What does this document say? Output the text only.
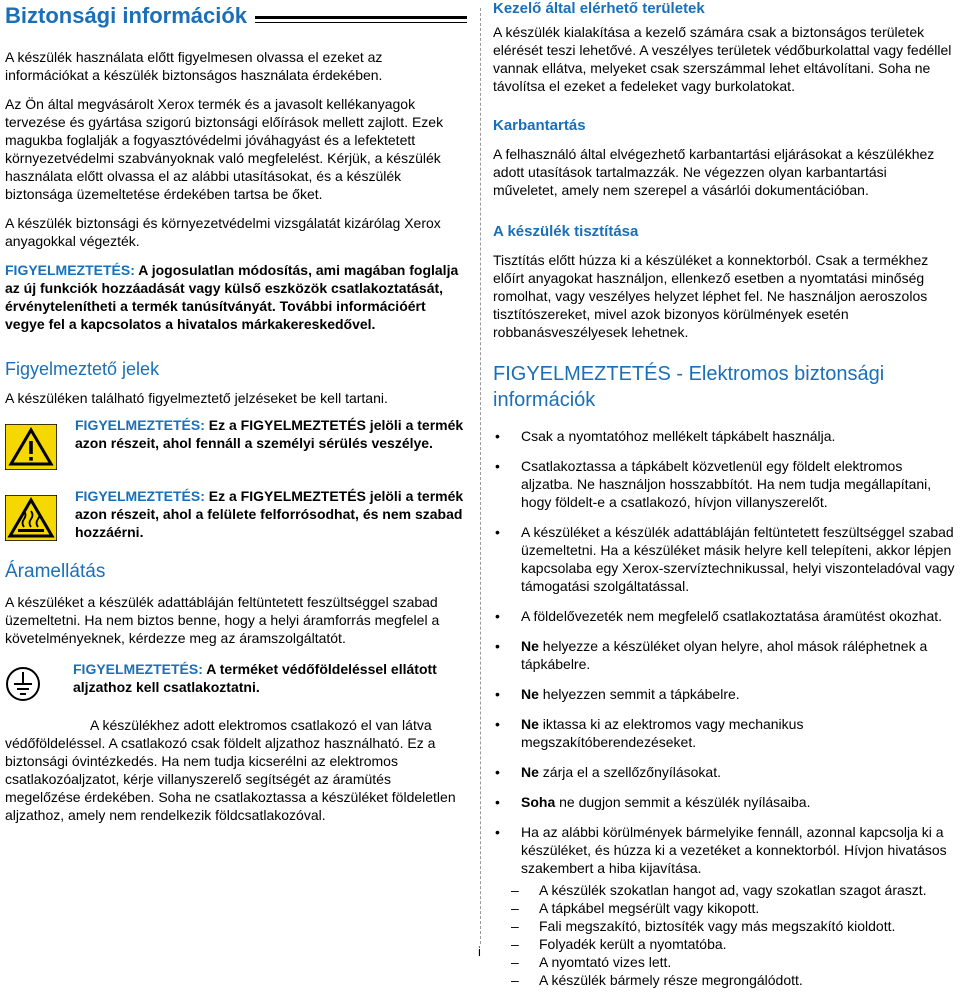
Biztonsági információk

A készülék használata előtt figyelmesen olvassa el ezeket az információkat a készülék biztonságos használata érdekében.

Az Ön által megvásárolt Xerox termék és a javasolt kellékanyagok tervezése és gyártása szigorú biztonsági előírások mellett zajlott. Ezek magukba foglalják a fogyasztóvédelmi jóváhagyást és a lefektetett környezetvédelmi szabványoknak való megfelelést. Kérjük, a készülék használata előtt olvassa el az alábbi utasításokat, és a készülék biztonsága üzemeltetése érdekében tartsa be őket.

A készülék biztonsági és környezetvédelmi vizsgálatát kizárólag Xerox anyagokkal végezték.

FIGYELMEZTETÉS: A jogosulatlan módosítás, ami magában foglalja az új funkciók hozzáadását vagy külső eszközök csatlakoztatását, érvénytelenítheti a termék tanúsítványát. További információért vegye fel a kapcsolatos a hivatalos márkakereskedővel.

Figyelmeztető jelek

A készüléken található figyelmeztető jelzéseket be kell tartani.

FIGYELMEZTETÉS: Ez a FIGYELMEZTETÉS jelöli a termék azon részeit, ahol fennáll a személyi sérülés veszélye.
FIGYELMEZTETÉS: Ez a FIGYELMEZTETÉS jelöli a termék azon részeit, ahol a felülete felforrósodhat, és nem szabad hozzáérni.
Áramellátás

A készüléket a készülék adattábláján feltüntetett feszültséggel szabad üzemeltetni. Ha nem biztos benne, hogy a helyi áramforrás megfelel a követelményeknek, kérdezze meg az áramszolgáltatót.

FIGYELMEZTETÉS: A terméket védőföldeléssel ellátott aljzathoz kell csatlakoztatni.

A készülékhez adott elektromos csatlakozó el van látva védőföldeléssel. A csatlakozó csak földelt aljzathoz használható. Ez a biztonsági óvintézkedés. Ha nem tudja kicserélni az elektromos csatlakozóaljzatot, kérje villanyszerelő segítségét az áramütés megelőzése érdekében. Soha ne csatlakoztassa a készüléket földeletlen aljzathoz, amely nem rendelkezik földcsatlakozóval.

Kezelő által elérhető területek

A készülék kialakítása a kezelő számára csak a biztonságos területek elérését teszi lehetővé. A veszélyes területek védőburkolattal vagy fedéllel vannak ellátva, melyeket csak szerszámmal lehet eltávolítani. Soha ne távolítsa el ezeket a fedeleket vagy burkolatokat.

Karbantartás

A felhasználó által elvégezhető karbantartási eljárásokat a készülékhez adott utasítások tartalmazzák. Ne végezzen olyan karbantartási műveletet, amely nem szerepel a vásárlói dokumentációban.

A készülék tisztítása

Tisztítás előtt húzza ki a készüléket a konnektorból. Csak a termékhez előírt anyagokat használjon, ellenkező esetben a nyomtatási minőség romolhat, vagy veszélyes helyzet léphet fel. Ne használjon aeroszolos tisztítószereket, mivel azok bizonyos körülmények esetén robbanásveszélyesek lehetnek.

FIGYELMEZTETÉS - Elektromos biztonsági információk
• Csak a nyomtatóhoz mellékelt tápkábelt használja.
• Csatlakoztassa a tápkábelt közvetlenül egy földelt elektromos aljzatba. Ne használjon hosszabbítót. Ha nem tudja megállapítani, hogy földelt-e a csatlakozó, hívjon villanyszerelőt.
• A készüléket a készülék adattábláján feltüntetett feszültséggel szabad üzemeltetni. Ha a készüléket másik helyre kell telepíteni, akkor lépjen kapcsolaba egy Xerox-szervíztechnikussal, helyi viszonteladóval vagy támogatási szolgáltatással.
• A földelővezeték nem megfelelő csatlakoztatása áramütést okozhat.
• Ne helyezze a készüléket olyan helyre, ahol mások ráléphetnek a tápkábelre.
• Ne helyezzen semmit a tápkábelre.
• Ne iktassa ki az elektromos vagy mechanikus megszakítóberendezéseket.
• Ne zárja el a szellőzőnyílásokat.
• Soha ne dugjon semmit a készülék nyílásaiba.
• Ha az alábbi körülmények bármelyike fennáll, azonnal kapcsolja ki a készüléket, és húzza ki a vezetéket a konnektorból. Hívjon hivatásos szakembert a hiba kijavítása.
– A készülék szokatlan hangot ad, vagy szokatlan szagot áraszt.
– A tápkábel megsérült vagy kikopott.
– Fali megszakító, biztosíték vagy más megszakító kioldott.
– Folyadék került a nyomtatóba.
– A nyomtató vizes lett.
– A készülék bármely része megrongálódott.
i
